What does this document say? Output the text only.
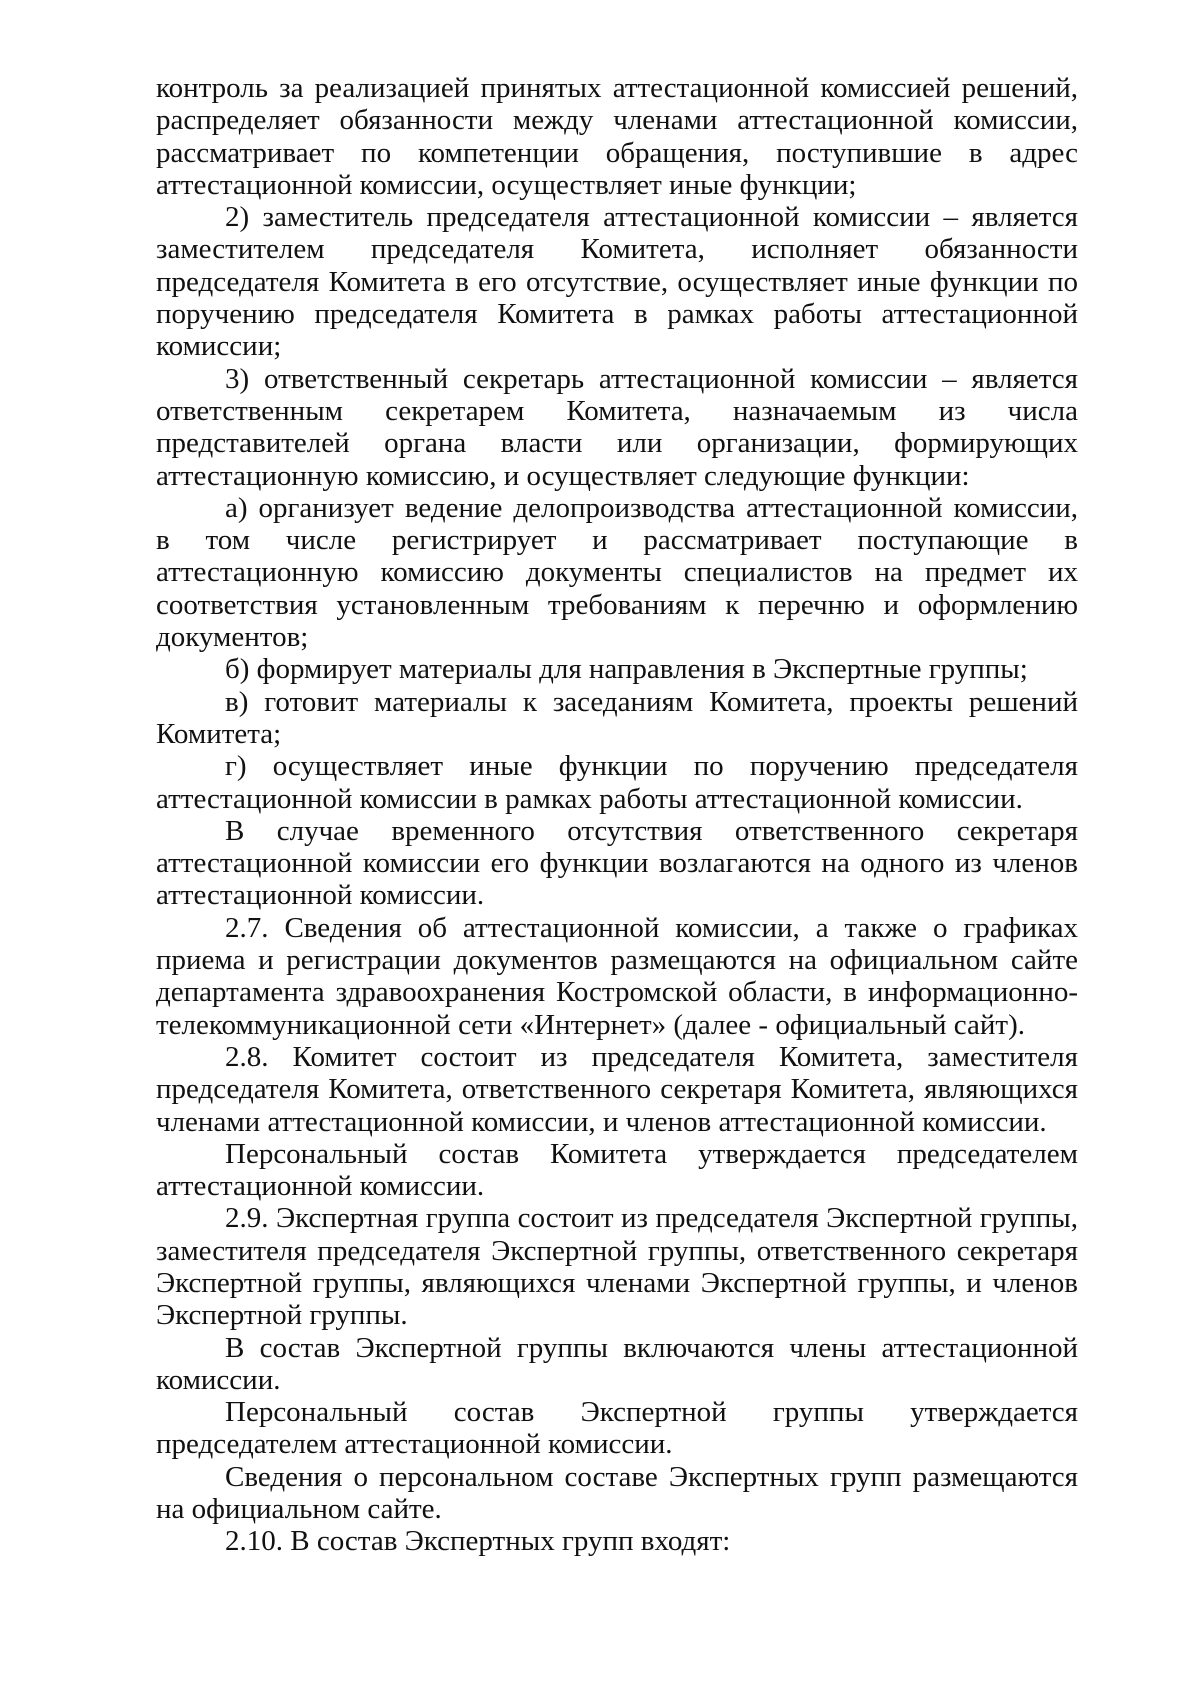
контроль за реализацией принятых аттестационной комиссией решений, распределяет обязанности между членами аттестационной комиссии, рассматривает по компетенции обращения, поступившие в адрес аттестационной комиссии, осуществляет иные функции;

2) заместитель председателя аттестационной комиссии – является заместителем председателя Комитета, исполняет обязанности председателя Комитета в его отсутствие, осуществляет иные функции по поручению председателя Комитета в рамках работы аттестационной комиссии;

3) ответственный секретарь аттестационной комиссии – является ответственным секретарем Комитета, назначаемым из числа представителей органа власти или организации, формирующих аттестационную комиссию, и осуществляет следующие функции:

а) организует ведение делопроизводства аттестационной комиссии, в том числе регистрирует и рассматривает поступающие в аттестационную комиссию документы специалистов на предмет их соответствия установленным требованиям к перечню и оформлению документов;

б) формирует материалы для направления в Экспертные группы;

в) готовит материалы к заседаниям Комитета, проекты решений Комитета;

г) осуществляет иные функции по поручению председателя аттестационной комиссии в рамках работы аттестационной комиссии.

В случае временного отсутствия ответственного секретаря аттестационной комиссии его функции возлагаются на одного из членов аттестационной комиссии.

2.7. Сведения об аттестационной комиссии, а также о графиках приема и регистрации документов размещаются на официальном сайте департамента здравоохранения Костромской области, в информационно-телекоммуникационной сети «Интернет» (далее - официальный сайт).

2.8. Комитет состоит из председателя Комитета, заместителя председателя Комитета, ответственного секретаря Комитета, являющихся членами аттестационной комиссии, и членов аттестационной комиссии.

Персональный состав Комитета утверждается председателем аттестационной комиссии.

2.9. Экспертная группа состоит из председателя Экспертной группы, заместителя председателя Экспертной группы, ответственного секретаря Экспертной группы, являющихся членами Экспертной группы, и членов Экспертной группы.

В состав Экспертной группы включаются члены аттестационной комиссии.

Персональный состав Экспертной группы утверждается председателем аттестационной комиссии.

Сведения о персональном составе Экспертных групп размещаются на официальном сайте.

2.10. В состав Экспертных групп входят:
